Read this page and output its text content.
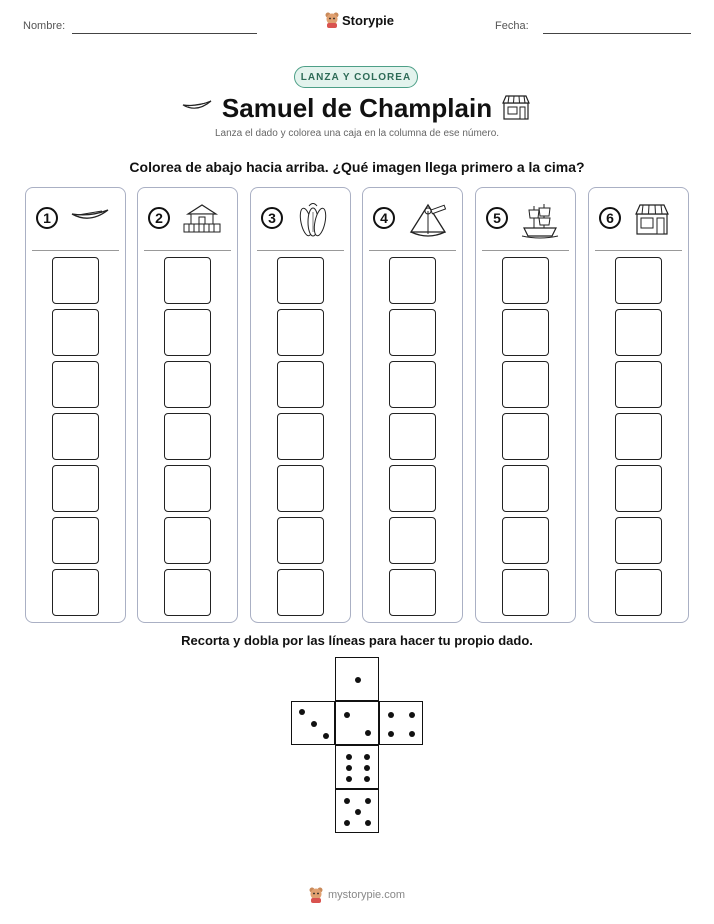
Nombre:	Storypie	Fecha:
LANZA Y COLOREA
Samuel de Champlain
Lanza el dado y colorea una caja en la columna de ese número.
Colorea de abajo hacia arriba. ¿Qué imagen llega primero a la cima?
1	2	3	4	5	6
Recorta y dobla por las líneas para hacer tu propio dado.
mystorypie.com
